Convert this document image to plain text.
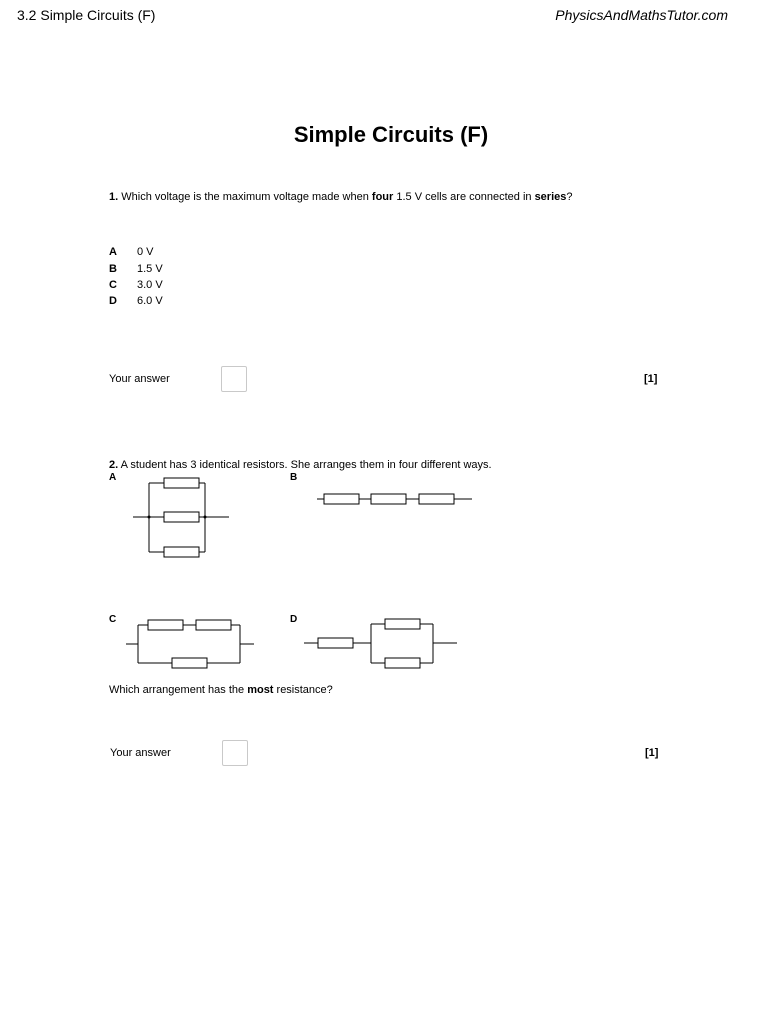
3.2 Simple Circuits (F)	PhysicsAndMathsTutor.com
Simple Circuits (F)
1. Which voltage is the maximum voltage made when four 1.5 V cells are connected in series?
A 0 V
B 1.5 V
C 3.0 V
D 6.0 V
Your answer	[1]
2. A student has 3 identical resistors. She arranges them in four different ways.
A	B
C	D
Which arrangement has the most resistance?
Your answer	[1]
